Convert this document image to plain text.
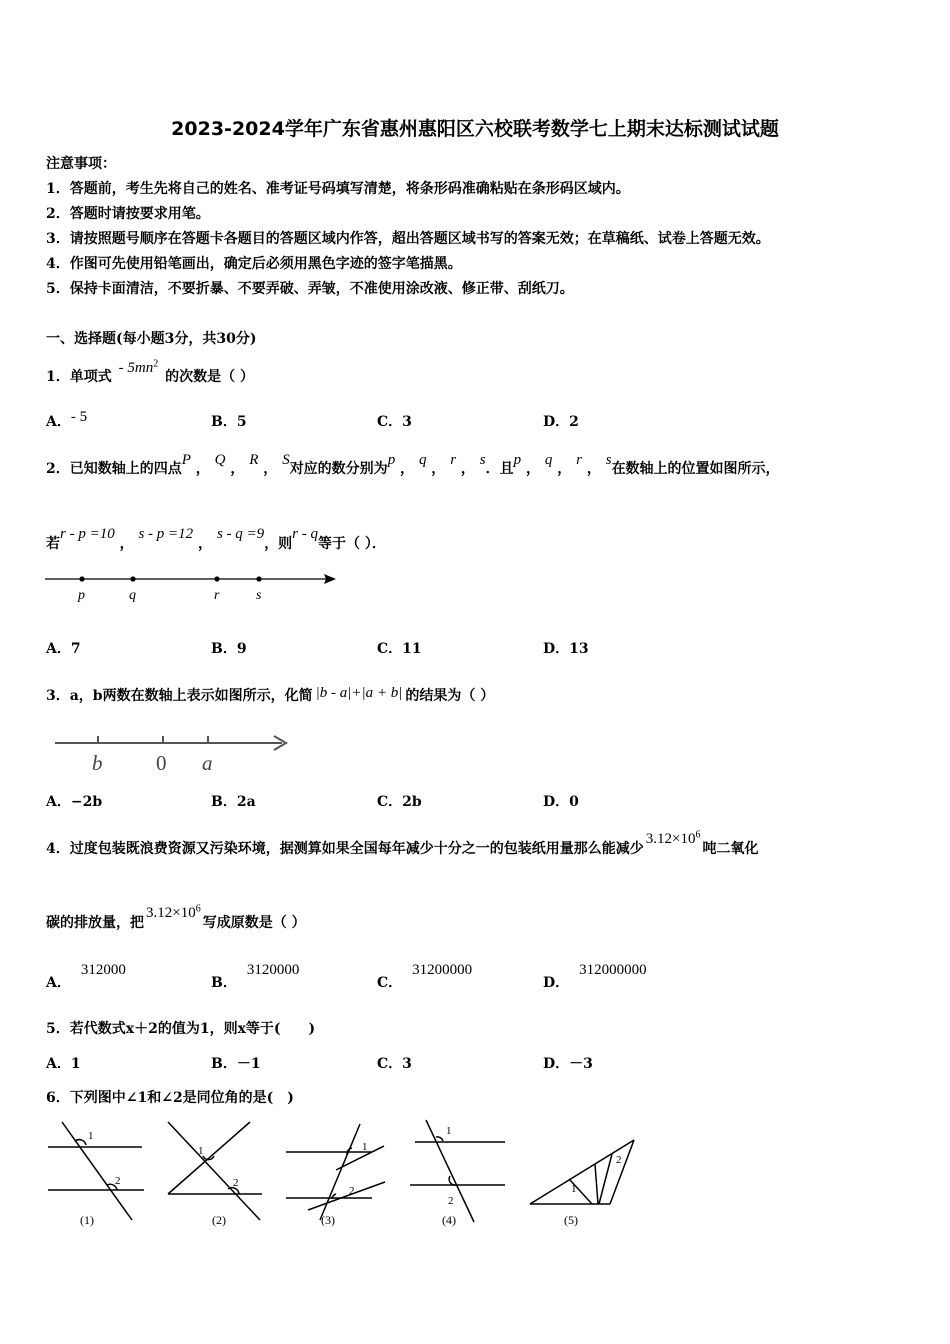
2023-2024学年广东省惠州惠阳区六校联考数学七上期末达标测试试题
注意事项：
1．答题前，考生先将自己的姓名、准考证号码填写清楚，将条形码准确粘贴在条形码区域内。
2．答题时请按要求用笔。
3．请按照题号顺序在答题卡各题目的答题区域内作答，超出答题区域书写的答案无效；在草稿纸、试卷上答题无效。
4．作图可先使用铅笔画出，确定后必须用黑色字迹的签字笔描黑。
5．保持卡面清洁，不要折暴、不要弄破、弄皱，不准使用涂改液、修正带、刮纸刀。
一、选择题(每小题3分，共30分)
1．单项式 - $5mn^2$ 的次数是（ ）
A．- 5	B．5	C．3	D．2
2．已知数轴上的四点P ， Q ， R ， S对应的数分别为p ， q ， r ， s．且p ， q ， r ， s在数轴上的位置如图所示，
若r - p =10 ， s - p =12 ， s - q =9，则r - q等于（ ）．
p	q	r	s
A．7	B．9	C．11	D．13
3．a，b两数在数轴上表示如图所示，化简 |b - a|+|a + b| 的结果为（ ）
b	0 a
A．−2b	B．2a	C．2b	D．0
4．过度包装既浪费资源又污染环境，据测算如果全国每年减少十分之一的包装纸用量那么能减少$3.12\times 10^6$吨二氧化
碳的排放量，把$3.12\times 10^6$写成原数是（ ）
A．312000
B．3120000
C．31200000
D．312000000
5．若代数式x＋2的值为1，则x等于(　　)
A．1	B．－1	C．3	D．－3
6．下列图中∠1和∠2是同位角的是(　)
1
2
1
2
1
2
1
2
1
2
(1)	(2)	(3)	(4)	(5)
